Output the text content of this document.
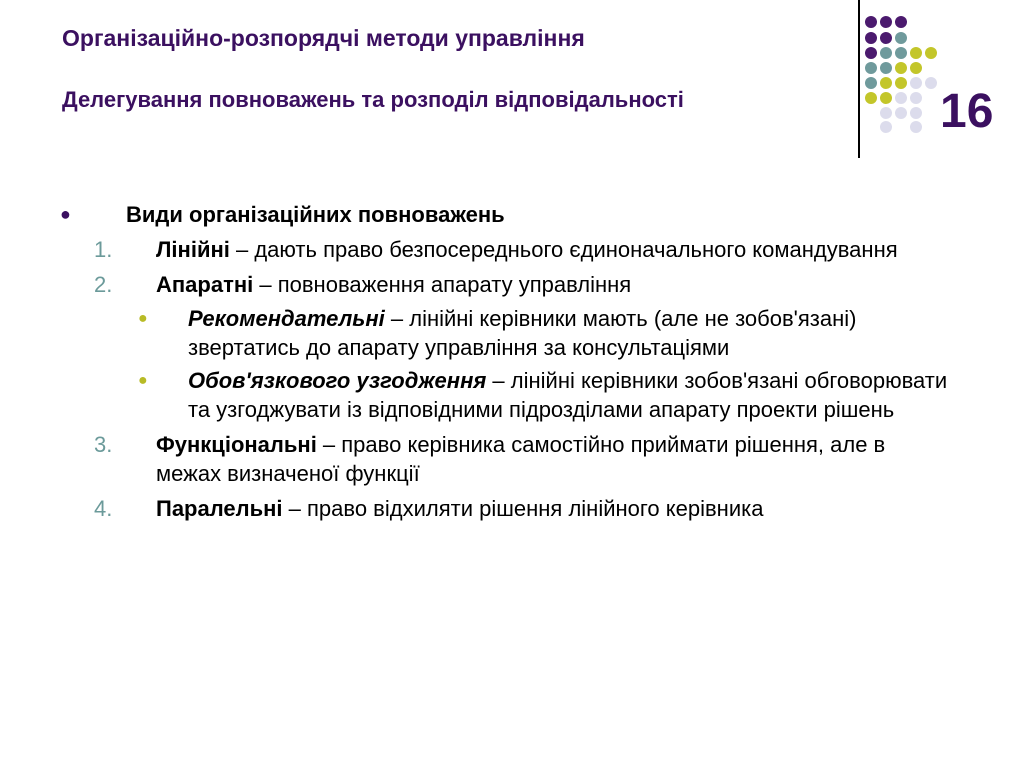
Організаційно-розпорядчі методи управління
Делегування повноважень та розподіл відповідальності	16
●	Види організаційних повноважень
1.	Лінійні – дають право безпосереднього єдиноначального командування
2.	Апаратні – повноваження апарату управління
●	Рекомендательні – лінійні керівники мають (але не зобов'язані) звертатись до апарату управління за консультаціями
●	Обов'язкового узгодження – лінійні керівники зобов'язані обговорювати та узгоджувати із відповідними підрозділами апарату проекти рішень
3.	Функціональні – право керівника самостійно приймати рішення, але в межах визначеної функції
4.	Паралельні – право відхиляти рішення лінійного керівника
